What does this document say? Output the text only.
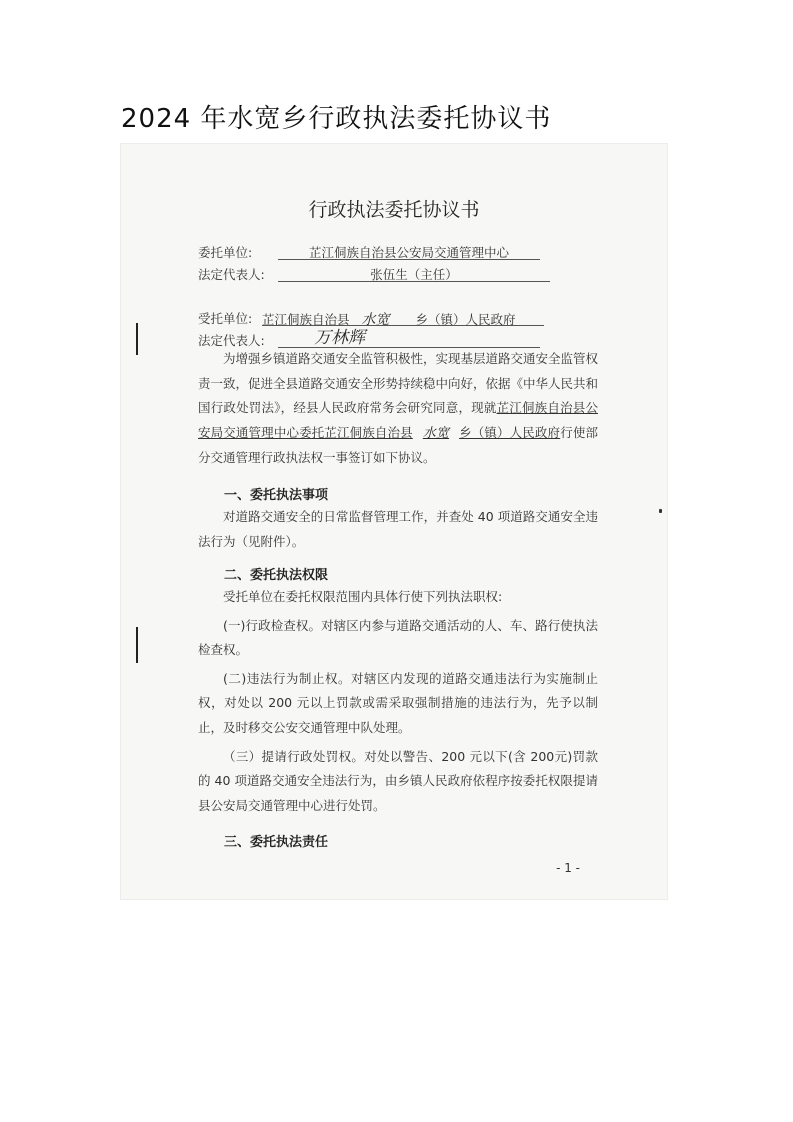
2024 年水宽乡行政执法委托协议书
行政执法委托协议书
委托单位:	芷江侗族自治县公安局交通管理中心
法定代表人:	张伍生（主任）
受托单位: 芷江侗族自治县 水宽 乡（镇）人民政府
法定代表人:	万林辉

为增强乡镇道路交通安全监管积极性，实现基层道路交通安全监管权责一致，促进全县道路交通安全形势持续稳中向好，依据《中华人民共和国行政处罚法》，经县人民政府常务会研究同意，现就芷江侗族自治县公安局交通管理中心委托芷江侗族自治县 水宽 乡（镇）人民政府行使部分交通管理行政执法权一事签订如下协议。

一、委托执法事项

对道路交通安全的日常监督管理工作，并查处 40 项道路交通安全违法行为（见附件）。

二、委托执法权限

受托单位在委托权限范围内具体行使下列执法职权:

(一)行政检查权。对辖区内参与道路交通活动的人、车、路行使执法检查权。

(二)违法行为制止权。对辖区内发现的道路交通违法行为实施制止权，对处以 200 元以上罚款或需采取强制措施的违法行为，先予以制止，及时移交公安交通管理中队处理。

（三）提请行政处罚权。对处以警告、200 元以下(含 200元)罚款的 40 项道路交通安全违法行为，由乡镇人民政府依程序按委托权限提请县公安局交通管理中心进行处罚。

三、委托执法责任
- 1 -
